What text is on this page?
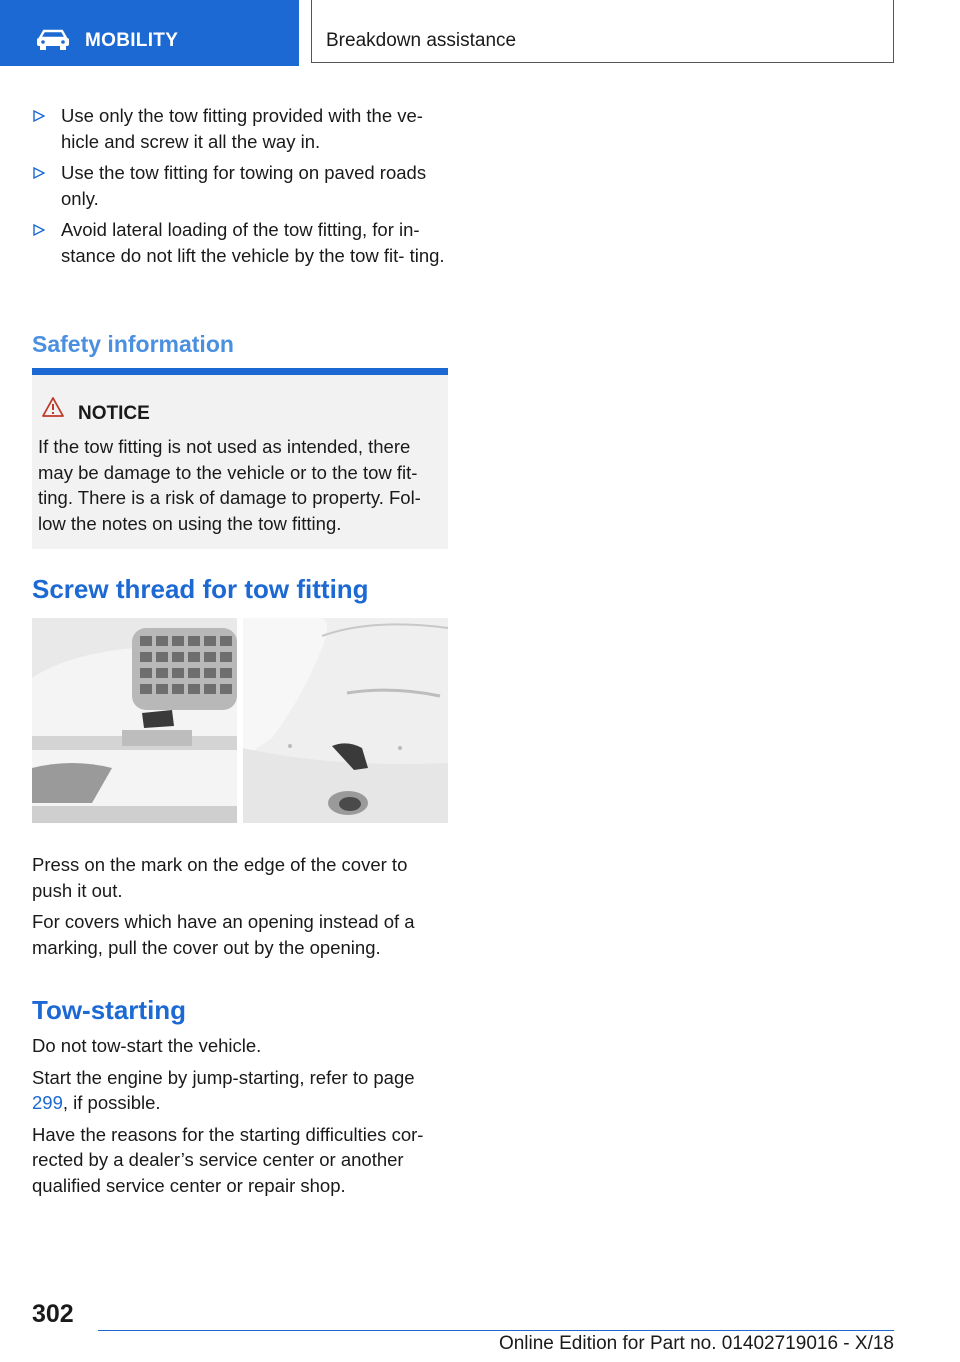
MOBILITY	Breakdown assistance
Use only the tow fitting provided with the ve‐ hicle and screw it all the way in.
Use the tow fitting for towing on paved roads only.
Avoid lateral loading of the tow fitting, for in‐ stance do not lift the vehicle by the tow fit‐ ting.
Safety information
NOTICE
If the tow fitting is not used as intended, there may be damage to the vehicle or to the tow fit‐ ting. There is a risk of damage to property. Fol‐ low the notes on using the tow fitting.
Screw thread for tow fitting

Press on the mark on the edge of the cover to push it out.

For covers which have an opening instead of a marking, pull the cover out by the opening.

Tow-starting

Do not tow-start the vehicle.

Start the engine by jump-starting, refer to page 299, if possible.

Have the reasons for the starting difficulties cor‐ rected by a dealer’s service center or another qualified service center or repair shop.

302
Online Edition for Part no. 01402719016 - X/18
